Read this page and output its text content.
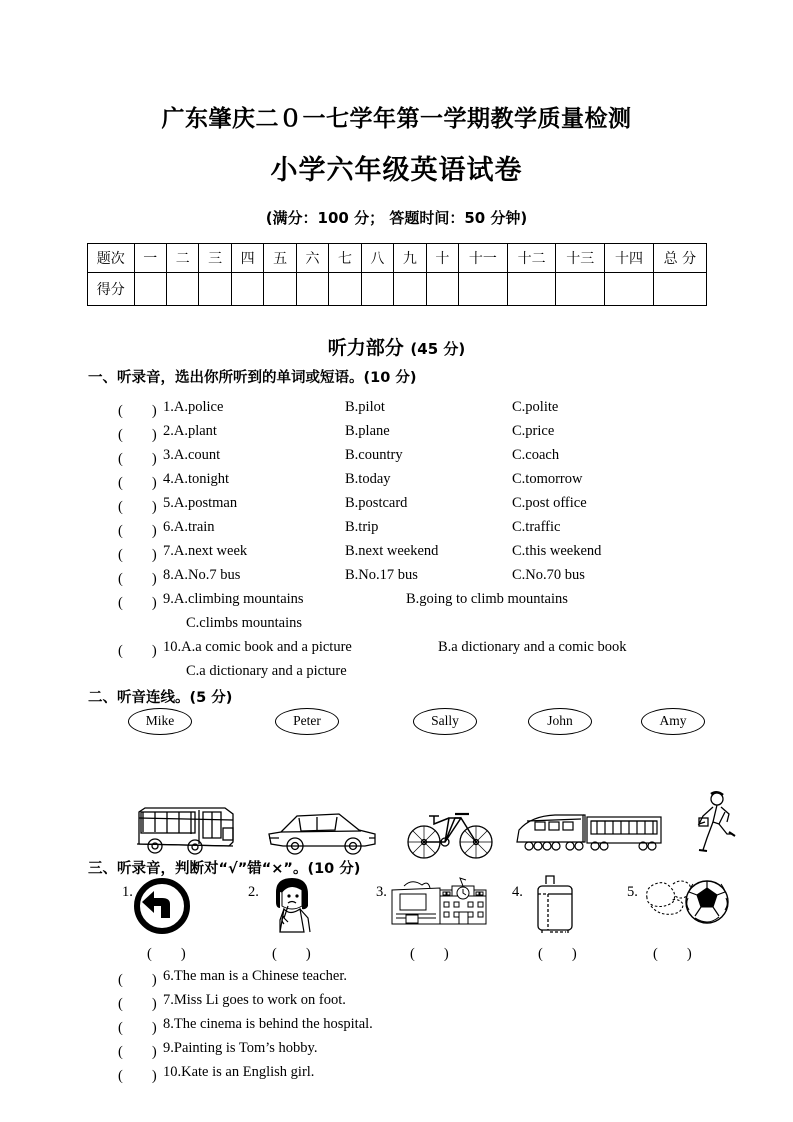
广东肇庆二０一七学年第一学期教学质量检测
小学六年级英语试卷
(满分：100 分； 答题时间：50 分钟)
题次	一	二	三	四	五	六	七	八	九	十	十一	十二	十三	十四	总 分
得分															
听力部分 (45 分)
一、听录音，选出你所听到的单词或短语。(10 分)
(　　) 1.A.police	B.pilot	C.polite
(　　) 2.A.plant	B.plane	C.price
(　　) 3.A.count	B.country	C.coach
(　　) 4.A.tonight	B.today	C.tomorrow
(　　) 5.A.postman	B.postcard	C.post office
(　　) 6.A.train	B.trip	C.traffic
(　　) 7.A.next week	B.next weekend	C.this weekend
(　　) 8.A.No.7 bus	B.No.17 bus	C.No.70 bus
(　　) 9.A.climbing mountains	B.going to climb mountains
C.climbs mountains
(　　) 10.A.a comic book and a picture	B.a dictionary and a comic book
C.a dictionary and a picture
二、听音连线。(5 分)
Mike	Peter	Sally	John	Amy
三、听录音，判断对“√”错“×”。(10 分)
1.
(　　)
2.
(　　)
3.
(　　)
4.
(　　)
5.
(　　)
(　　) 6.The man is a Chinese teacher.
(　　) 7.Miss Li goes to work on foot.
(　　) 8.The cinema is behind the hospital.
(　　) 9.Painting is Tom’s hobby.
(　　) 10.Kate is an English girl.
